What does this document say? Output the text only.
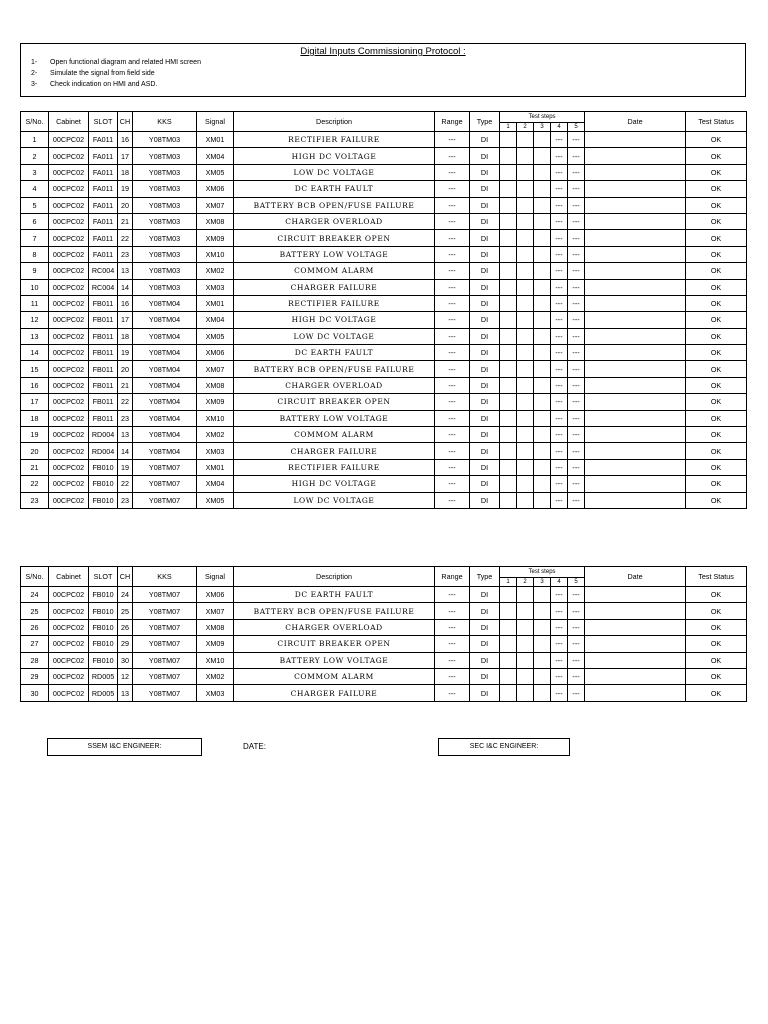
Digital Inputs Commissioning Protocol :
1- Open functional diagram and related HMI screen
2- Simulate the signal from field side
3- Check indication on HMI and ASD.
S/No.	Cabinet	SLOT	CH	KKS	Signal	Description	Range	Type	Test steps					Date	Test Status
									1	2	3	4	5		
1	00CPC02	FA011	16	Y08TM03	XM01	RECTIFIER FAILURE	---	DI				---	---		OK
2	00CPC02	FA011	17	Y08TM03	XM04	HIGH DC VOLTAGE	---	DI				---	---		OK
3	00CPC02	FA011	18	Y08TM03	XM05	LOW DC VOLTAGE	---	DI				---	---		OK
4	00CPC02	FA011	19	Y08TM03	XM06	DC EARTH FAULT	---	DI				---	---		OK
5	00CPC02	FA011	20	Y08TM03	XM07	BATTERY BCB OPEN/FUSE FAILURE	---	DI				---	---		OK
6	00CPC02	FA011	21	Y08TM03	XM08	CHARGER OVERLOAD	---	DI				---	---		OK
7	00CPC02	FA011	22	Y08TM03	XM09	CIRCUIT BREAKER OPEN	---	DI				---	---		OK
8	00CPC02	FA011	23	Y08TM03	XM10	BATTERY LOW VOLTAGE	---	DI				---	---		OK
9	00CPC02	RC004	13	Y08TM03	XM02	COMMOM ALARM	---	DI				---	---		OK
10	00CPC02	RC004	14	Y08TM03	XM03	CHARGER FAILURE	---	DI				---	---		OK
11	00CPC02	FB011	16	Y08TM04	XM01	RECTIFIER FAILURE	---	DI				---	---		OK
12	00CPC02	FB011	17	Y08TM04	XM04	HIGH DC VOLTAGE	---	DI				---	---		OK
13	00CPC02	FB011	18	Y08TM04	XM05	LOW DC VOLTAGE	---	DI				---	---		OK
14	00CPC02	FB011	19	Y08TM04	XM06	DC EARTH FAULT	---	DI				---	---		OK
15	00CPC02	FB011	20	Y08TM04	XM07	BATTERY BCB OPEN/FUSE FAILURE	---	DI				---	---		OK
16	00CPC02	FB011	21	Y08TM04	XM08	CHARGER OVERLOAD	---	DI				---	---		OK
17	00CPC02	FB011	22	Y08TM04	XM09	CIRCUIT BREAKER OPEN	---	DI				---	---		OK
18	00CPC02	FB011	23	Y08TM04	XM10	BATTERY LOW VOLTAGE	---	DI				---	---		OK
19	00CPC02	RD004	13	Y08TM04	XM02	COMMOM ALARM	---	DI				---	---		OK
20	00CPC02	RD004	14	Y08TM04	XM03	CHARGER FAILURE	---	DI				---	---		OK
21	00CPC02	FB010	19	Y08TM07	XM01	RECTIFIER FAILURE	---	DI				---	---		OK
22	00CPC02	FB010	22	Y08TM07	XM04	HIGH DC VOLTAGE	---	DI				---	---		OK
23	00CPC02	FB010	23	Y08TM07	XM05	LOW DC VOLTAGE	---	DI				---	---		OK
S/No.	Cabinet	SLOT	CH	KKS	Signal	Description	Range	Type	Test steps					Date	Test Status
									1	2	3	4	5		
24	00CPC02	FB010	24	Y08TM07	XM06	DC EARTH FAULT	---	DI				---	---		OK
25	00CPC02	FB010	25	Y08TM07	XM07	BATTERY BCB OPEN/FUSE FAILURE	---	DI				---	---		OK
26	00CPC02	FB010	26	Y08TM07	XM08	CHARGER OVERLOAD	---	DI				---	---		OK
27	00CPC02	FB010	29	Y08TM07	XM09	CIRCUIT BREAKER OPEN	---	DI				---	---		OK
28	00CPC02	FB010	30	Y08TM07	XM10	BATTERY LOW VOLTAGE	---	DI				---	---		OK
29	00CPC02	RD005	12	Y08TM07	XM02	COMMOM ALARM	---	DI				---	---		OK
30	00CPC02	RD005	13	Y08TM07	XM03	CHARGER FAILURE	---	DI				---	---		OK
SSEM I&C ENGINEER:	DATE:	SEC I&C ENGINEER:
